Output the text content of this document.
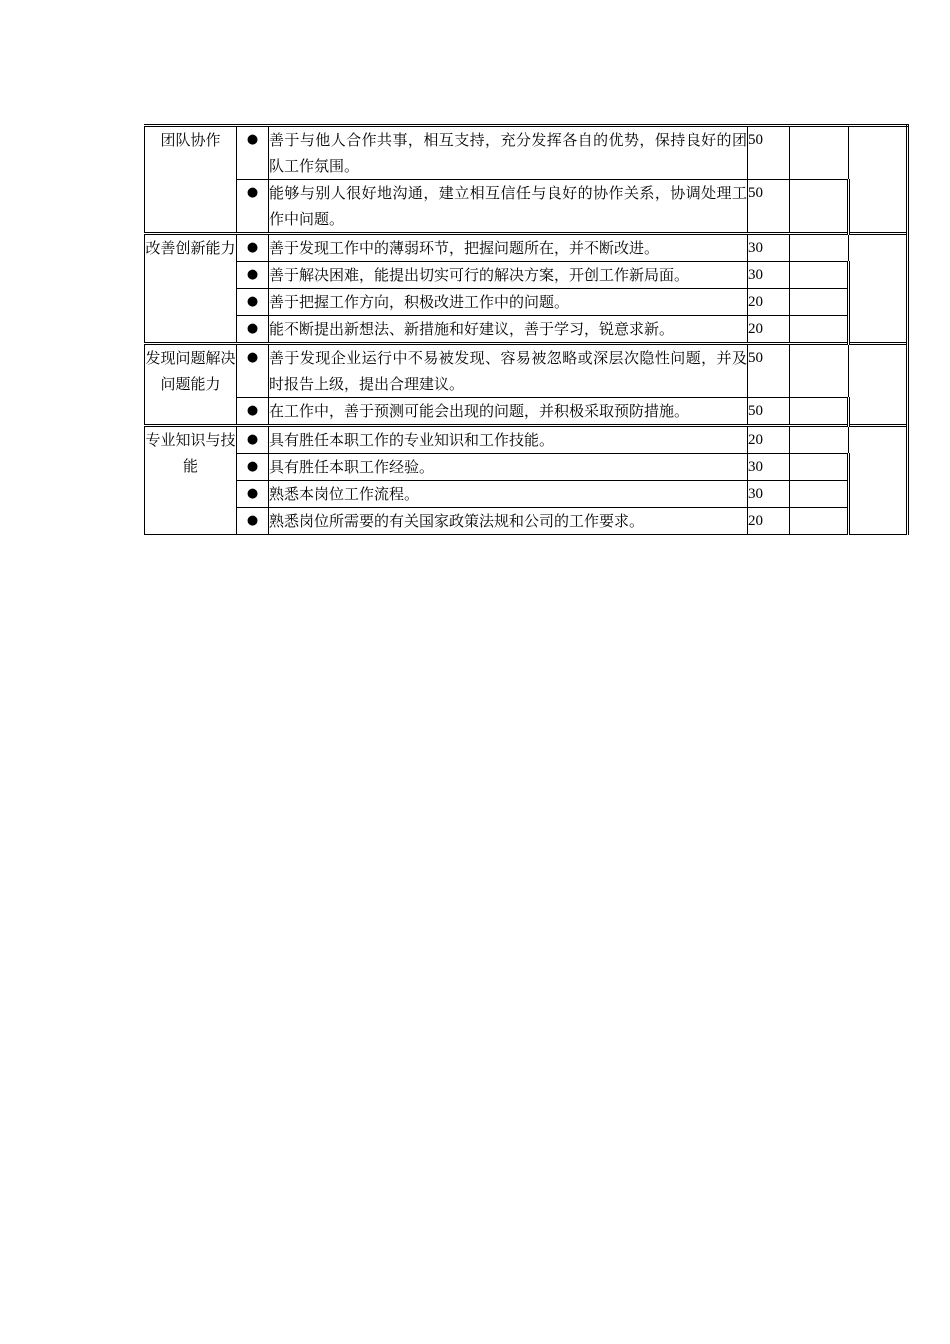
团队协作	●	善于与他人合作共事，相互支持，充分发挥各自的优势，保持良好的团队工作氛围。	50		
	●	能够与别人很好地沟通，建立相互信任与良好的协作关系，协调处理工作中问题。	50		
改善创新能力	●	善于发现工作中的薄弱环节，把握问题所在，并不断改进。	30		
	●	善于解决困难，能提出切实可行的解决方案，开创工作新局面。	30		
	●	善于把握工作方向，积极改进工作中的问题。	20		
	●	能不断提出新想法、新措施和好建议，善于学习，锐意求新。	20		
发现问题解决问题能力	●	善于发现企业运行中不易被发现、容易被忽略或深层次隐性问题，并及时报告上级，提出合理建议。	50		
	●	在工作中，善于预测可能会出现的问题，并积极采取预防措施。	50		
专业知识与技能	●	具有胜任本职工作的专业知识和工作技能。	20		
	●	具有胜任本职工作经验。	30		
	●	熟悉本岗位工作流程。	30		
	●	熟悉岗位所需要的有关国家政策法规和公司的工作要求。	20		
